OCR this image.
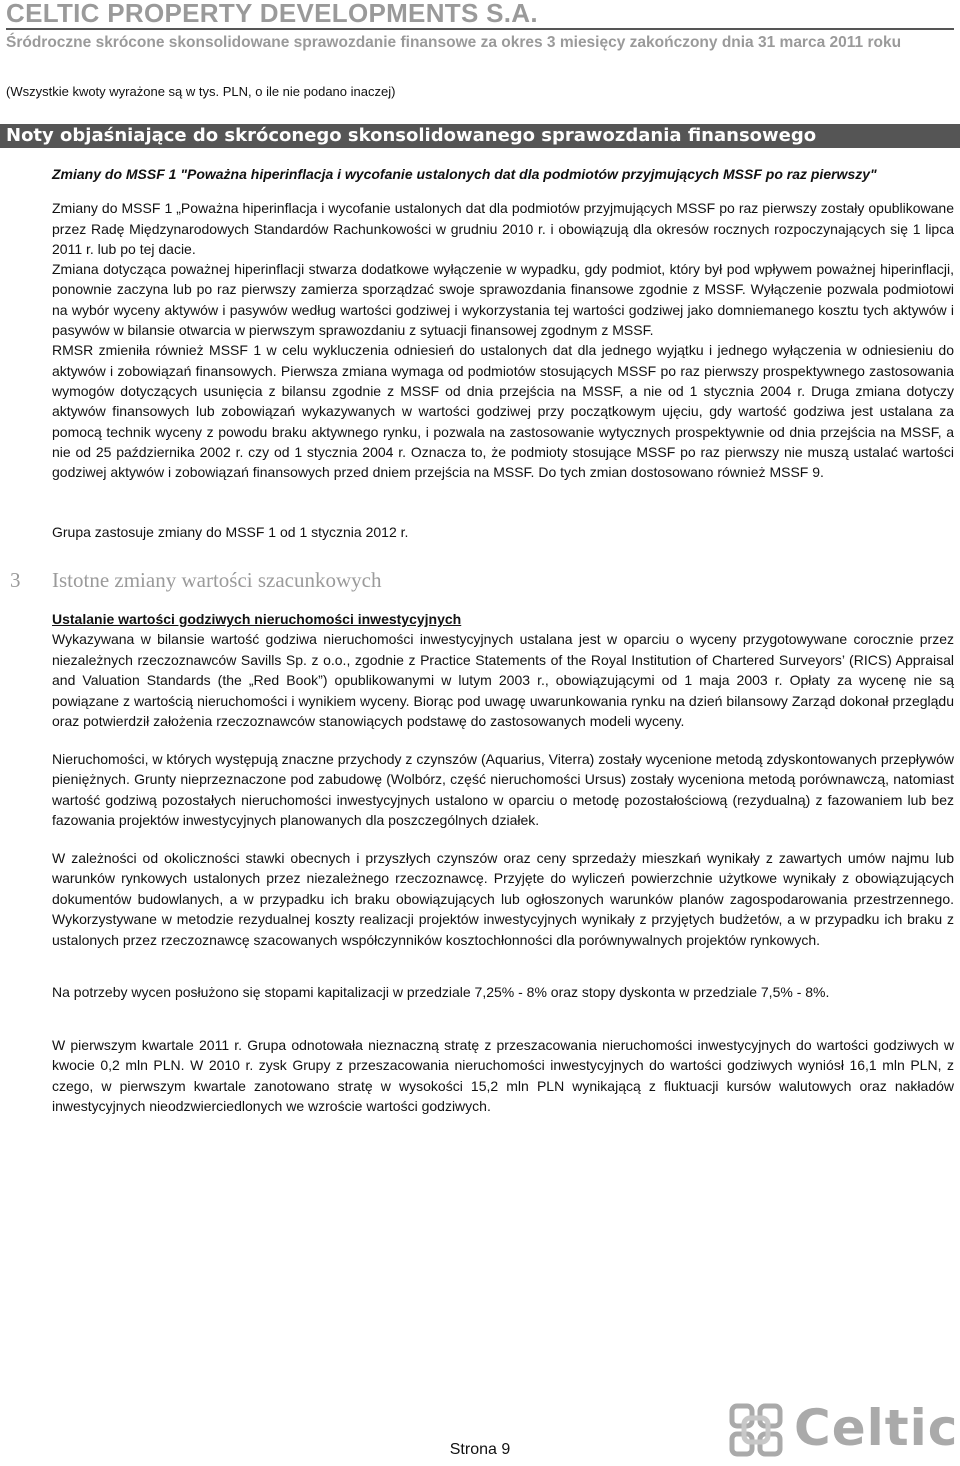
CELTIC PROPERTY DEVELOPMENTS S.A.
Śródroczne skrócone skonsolidowane sprawozdanie finansowe za okres 3 miesięcy zakończony dnia 31 marca 2011 roku
(Wszystkie kwoty wyrażone są w tys. PLN, o ile nie podano inaczej)
Noty objaśniające do skróconego skonsolidowanego sprawozdania finansowego

Zmiany do MSSF 1 "Poważna hiperinflacja i wycofanie ustalonych dat dla podmiotów przyjmujących MSSF po raz pierwszy"

Zmiany do MSSF 1 „Poważna hiperinflacja i wycofanie ustalonych dat dla podmiotów przyjmujących MSSF po raz pierwszy zostały opublikowane przez Radę Międzynarodowych Standardów Rachunkowości w grudniu 2010 r. i obowiązują dla okresów rocznych rozpoczynających się 1 lipca 2011 r. lub po tej dacie.

Zmiana dotycząca poważnej hiperinflacji stwarza dodatkowe wyłączenie w wypadku, gdy podmiot, który był pod wpływem poważnej hiperinflacji, ponownie zaczyna lub po raz pierwszy zamierza sporządzać swoje sprawozdania finansowe zgodnie z MSSF. Wyłączenie pozwala podmiotowi na wybór wyceny aktywów i pasywów według wartości godziwej i wykorzystania tej wartości godziwej jako domniemanego kosztu tych aktywów i pasywów w bilansie otwarcia w pierwszym sprawozdaniu z sytuacji finansowej zgodnym z MSSF.

RMSR zmieniła również MSSF 1 w celu wykluczenia odniesień do ustalonych dat dla jednego wyjątku i jednego wyłączenia w odniesieniu do aktywów i zobowiązań finansowych. Pierwsza zmiana wymaga od podmiotów stosujących MSSF po raz pierwszy prospektywnego zastosowania wymogów dotyczących usunięcia z bilansu zgodnie z MSSF od dnia przejścia na MSSF, a nie od 1 stycznia 2004 r. Druga zmiana dotyczy aktywów finansowych lub zobowiązań wykazywanych w wartości godziwej przy początkowym ujęciu, gdy wartość godziwa jest ustalana za pomocą technik wyceny z powodu braku aktywnego rynku, i pozwala na zastosowanie wytycznych prospektywnie od dnia przejścia na MSSF, a nie od 25 października 2002 r. czy od 1 stycznia 2004 r. Oznacza to, że podmioty stosujące MSSF po raz pierwszy nie muszą ustalać wartości godziwej aktywów i zobowiązań finansowych przed dniem przejścia na MSSF. Do tych zmian dostosowano również MSSF 9.

Grupa zastosuje zmiany do MSSF 1 od 1 stycznia 2012 r.

3 Istotne zmiany wartości szacunkowych

Ustalanie wartości godziwych nieruchomości inwestycyjnych

Wykazywana w bilansie wartość godziwa nieruchomości inwestycyjnych ustalana jest w oparciu o wyceny przygotowywane corocznie przez niezależnych rzeczoznawców Savills Sp. z o.o., zgodnie z Practice Statements of the Royal Institution of Chartered Surveyors’ (RICS) Appraisal and Valuation Standards (the „Red Book”) opublikowanymi w lutym 2003 r., obowiązującymi od 1 maja 2003 r. Opłaty za wycenę nie są powiązane z wartością nieruchomości i wynikiem wyceny. Biorąc pod uwagę uwarunkowania rynku na dzień bilansowy Zarząd dokonał przeglądu oraz potwierdził założenia rzeczoznawców stanowiących podstawę do zastosowanych modeli wyceny.

Nieruchomości, w których występują znaczne przychody z czynszów (Aquarius, Viterra) zostały wycenione metodą zdyskontowanych przepływów pieniężnych. Grunty nieprzeznaczone pod zabudowę (Wolbórz, część nieruchomości Ursus) zostały wyceniona metodą porównawczą, natomiast wartość godziwą pozostałych nieruchomości inwestycyjnych ustalono w oparciu o metodę pozostałościową (rezydualną) z fazowaniem lub bez fazowania projektów inwestycyjnych planowanych dla poszczególnych działek.

W zależności od okoliczności stawki obecnych i przyszłych czynszów oraz ceny sprzedaży mieszkań wynikały z zawartych umów najmu lub warunków rynkowych ustalonych przez niezależnego rzeczoznawcę. Przyjęte do wyliczeń powierzchnie użytkowe wynikały z obowiązujących dokumentów budowlanych, a w przypadku ich braku obowiązujących lub ogłoszonych warunków planów zagospodarowania przestrzennego. Wykorzystywane w metodzie rezydualnej koszty realizacji projektów inwestycyjnych wynikały z przyjętych budżetów, a w przypadku ich braku z ustalonych przez rzeczoznawcę szacowanych współczynników kosztochłonności dla porównywalnych projektów rynkowych.

Na potrzeby wycen posłużono się stopami kapitalizacji w przedziale 7,25% - 8% oraz stopy dyskonta w przedziale 7,5% - 8%.

W pierwszym kwartale 2011 r. Grupa odnotowała nieznaczną stratę z przeszacowania nieruchomości inwestycyjnych do wartości godziwych w kwocie 0,2 mln PLN. W 2010 r. zysk Grupy z przeszacowania nieruchomości inwestycyjnych do wartości godziwych wyniósł 16,1 mln PLN, z czego, w pierwszym kwartale zanotowano stratę w wysokości 15,2 mln PLN wynikającą z fluktuacji kursów walutowych oraz nakładów inwestycyjnych nieodzwierciedlonych we wzroście wartości godziwych.

Celtic
Strona 9
